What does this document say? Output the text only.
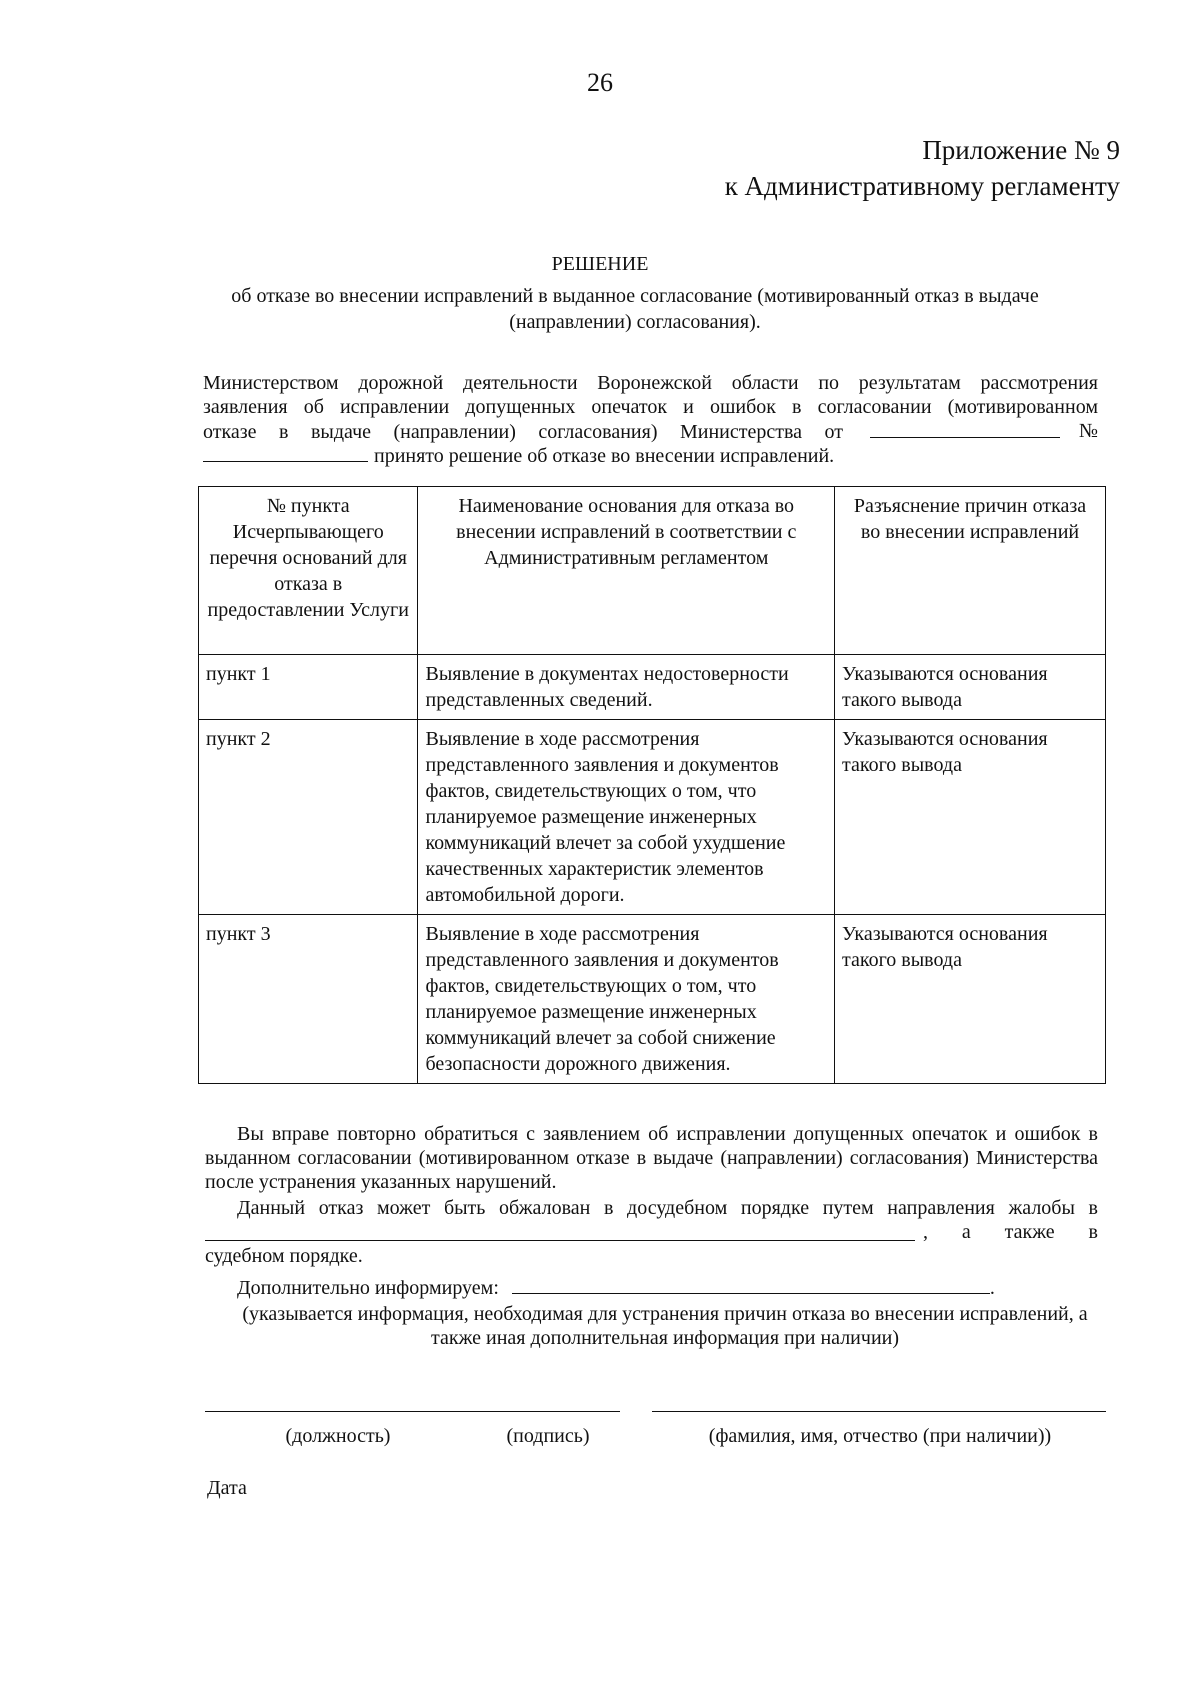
26
Приложение № 9
к Административному регламенту
РЕШЕНИЕ
об отказе во внесении исправлений в выданное согласование (мотивированный отказ в выдаче (направлении) согласования).
Министерством дорожной деятельности Воронежской области по результатам рассмотрения
заявления об исправлении допущенных опечаток и ошибок в согласовании (мотивированном
отказе в выдаче (направлении) согласования) Министерства от	№
принято решение об отказе во внесении исправлений.
№ пункта Исчерпывающего перечня оснований для отказа в предоставлении Услуги	Наименование основания для отказа во внесении исправлений в соответствии с Административным регламентом	Разъяснение причин отказа во внесении исправлений
пункт 1	Выявление в документах недостоверности представленных сведений.	Указываются основания такого вывода
пункт 2	Выявление в ходе рассмотрения представленного заявления и документов фактов, свидетельствующих о том, что планируемое размещение инженерных коммуникаций влечет за собой ухудшение качественных характеристик элементов автомобильной дороги.	Указываются основания такого вывода
пункт 3	Выявление в ходе рассмотрения представленного заявления и документов фактов, свидетельствующих о том, что планируемое размещение инженерных коммуникаций влечет за собой снижение безопасности дорожного движения.	Указываются основания такого вывода
Вы вправе повторно обратиться с заявлением об исправлении допущенных опечаток и ошибок в выданном согласовании (мотивированном отказе в выдаче (направлении) согласования) Министерства после устранения указанных нарушений.
Данный отказ может быть обжалован в досудебном порядке путем направления жалобы в
, а также в
судебном порядке.
Дополнительно информируем:	.
(указывается информация, необходимая для устранения причин отказа во внесении исправлений, а также иная дополнительная информация при наличии)
(должность)	(подпись)	(фамилия, имя, отчество (при наличии))
Дата
